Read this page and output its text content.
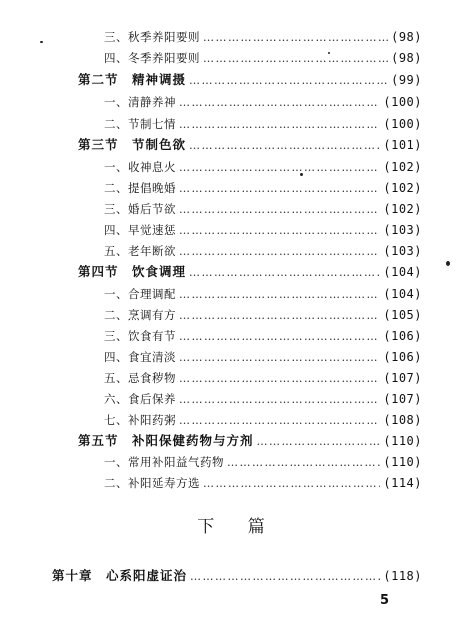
三、秋季养阳要则 …………………………………………………………………………………………………………………………………………	(98)
四、冬季养阳要则 …………………………………………………………………………………………………………………………………………	(98)
第二节　精神调摄 …………………………………………………………………………………………………………………………………………	(99)
一、清静养神 …………………………………………………………………………………………………………………………………………	(100)
二、节制七情 …………………………………………………………………………………………………………………………………………	(100)
第三节　节制色欲 …………………………………………………………………………………………………………………………………………	(101)
一、收神息火 …………………………………………………………………………………………………………………………………………	(102)
二、提倡晚婚 …………………………………………………………………………………………………………………………………………	(102)
三、婚后节欲 …………………………………………………………………………………………………………………………………………	(102)
四、早觉速惩 …………………………………………………………………………………………………………………………………………	(103)
五、老年断欲 …………………………………………………………………………………………………………………………………………	(103)
第四节　饮食调理 …………………………………………………………………………………………………………………………………………	(104)
一、合理调配 …………………………………………………………………………………………………………………………………………	(104)
二、烹调有方 …………………………………………………………………………………………………………………………………………	(105)
三、饮食有节 …………………………………………………………………………………………………………………………………………	(106)
四、食宜清淡 …………………………………………………………………………………………………………………………………………	(106)
五、忌食秽物 …………………………………………………………………………………………………………………………………………	(107)
六、食后保养 …………………………………………………………………………………………………………………………………………	(107)
七、补阳药粥 …………………………………………………………………………………………………………………………………………	(108)
第五节　补阳保健药物与方剂 …………………………………………………………………………………………………………………………………………	(110)
一、常用补阳益气药物 …………………………………………………………………………………………………………………………………………	(110)
二、补阳延寿方选 …………………………………………………………………………………………………………………………………………	(114)
下 篇
第十章　心系阳虚证治 …………………………………………………………………………………………………………………………………………	(118)
5
